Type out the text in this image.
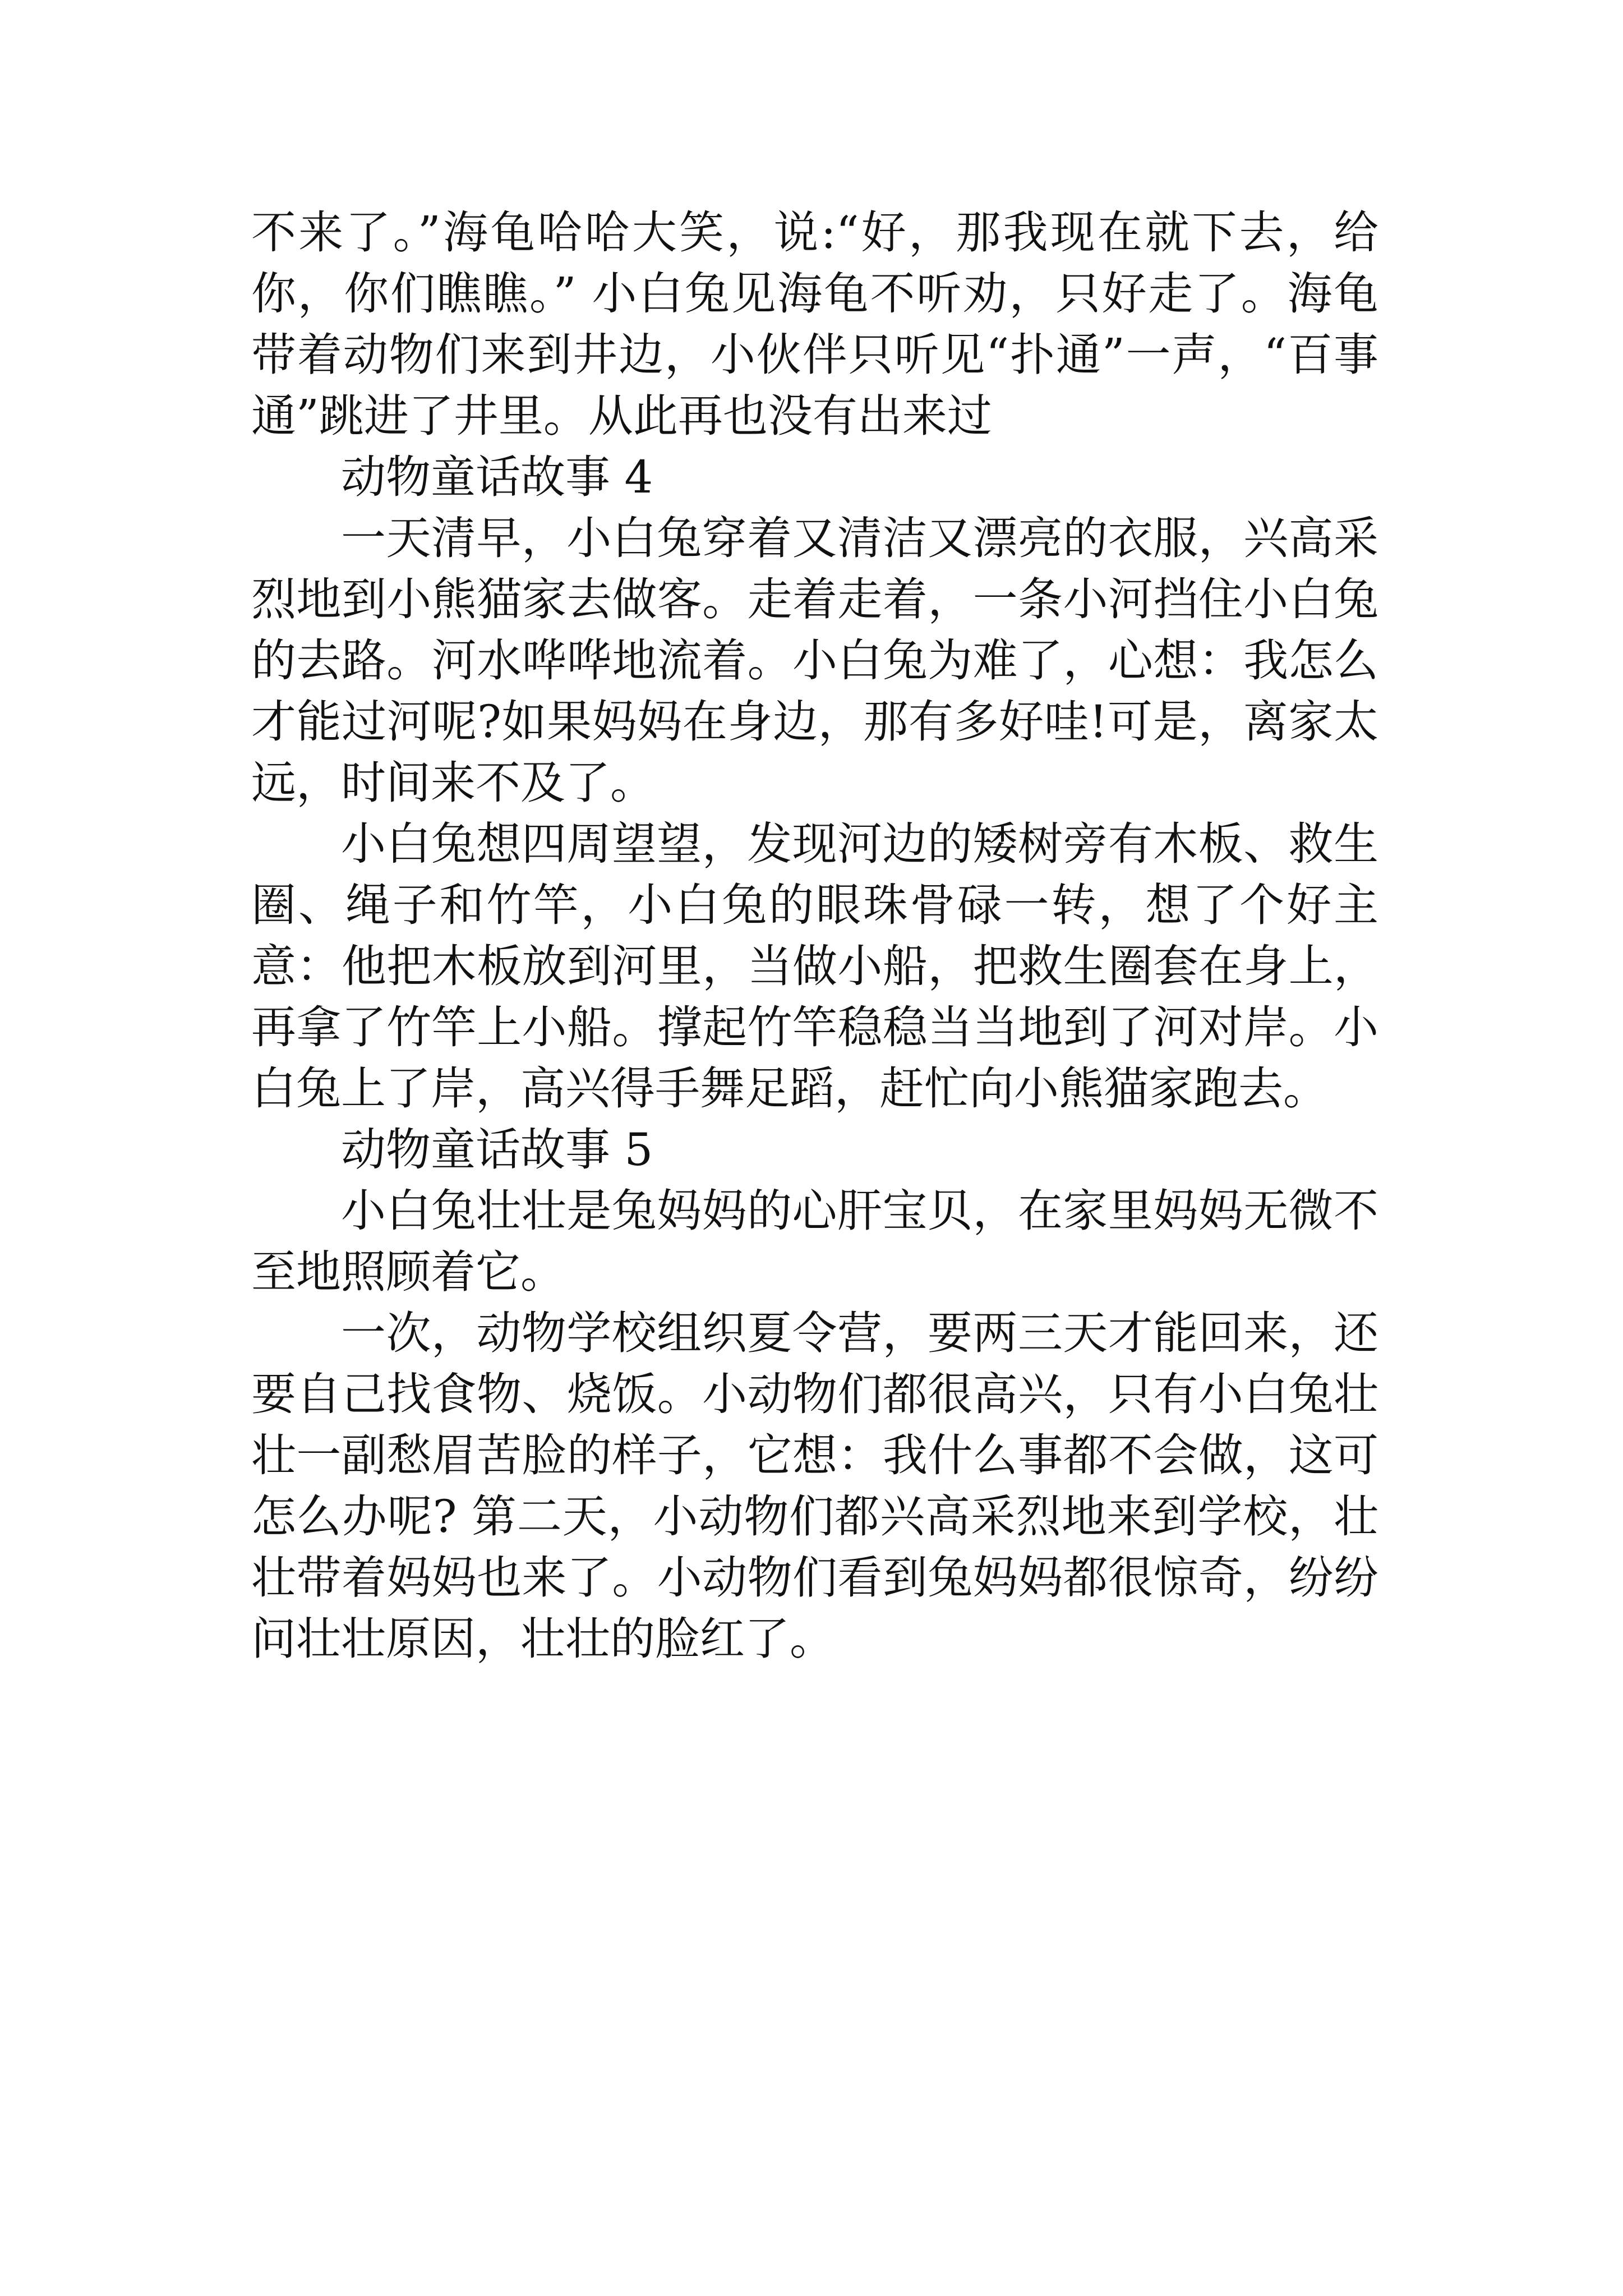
不来了。”海龟哈哈大笑，说:“好，那我现在就下去，给你，你们瞧瞧。” 小白兔见海龟不听劝，只好走了。海龟带着动物们来到井边，小伙伴只听见“扑通”一声，“百事通”跳进了井里。从此再也没有出来过

动物童话故事 4

一天清早，小白兔穿着又清洁又漂亮的衣服，兴高采烈地到小熊猫家去做客。走着走着，一条小河挡住小白兔的去路。河水哗哗地流着。小白兔为难了，心想：我怎么才能过河呢?如果妈妈在身边，那有多好哇!可是，离家太远，时间来不及了。

小白兔想四周望望，发现河边的矮树旁有木板、救生圈、绳子和竹竿，小白兔的眼珠骨碌一转，想了个好主意：他把木板放到河里，当做小船，把救生圈套在身上，再拿了竹竿上小船。撑起竹竿稳稳当当地到了河对岸。小白兔上了岸，高兴得手舞足蹈，赶忙向小熊猫家跑去。

动物童话故事 5

小白兔壮壮是兔妈妈的心肝宝贝，在家里妈妈无微不至地照顾着它。

一次，动物学校组织夏令营，要两三天才能回来，还要自己找食物、烧饭。小动物们都很高兴，只有小白兔壮壮一副愁眉苦脸的样子，它想：我什么事都不会做，这可怎么办呢? 第二天，小动物们都兴高采烈地来到学校，壮壮带着妈妈也来了。小动物们看到兔妈妈都很惊奇，纷纷问壮壮原因，壮壮的脸红了。
